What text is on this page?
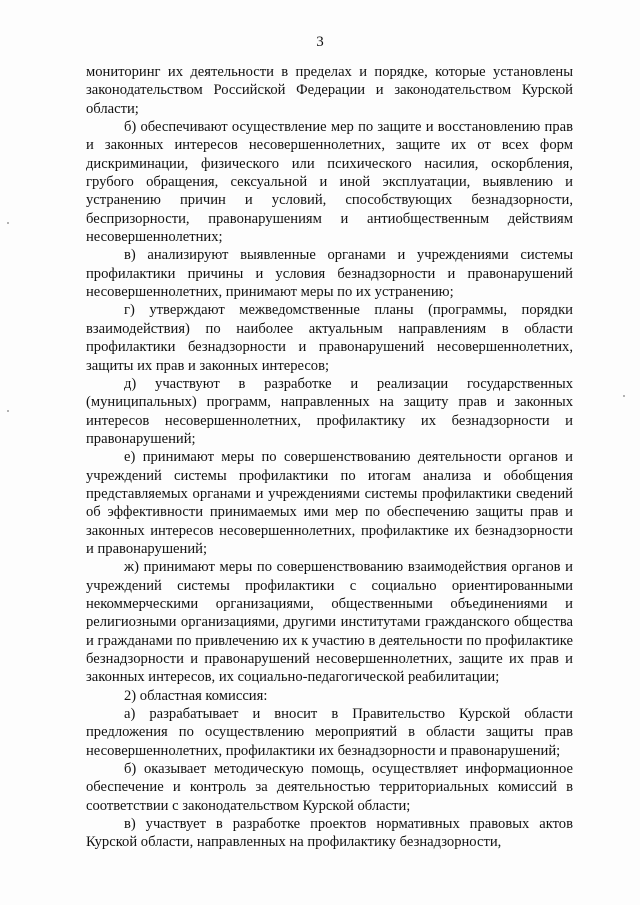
3

мониторинг их деятельности в пределах и порядке, которые установлены законодательством Российской Федерации и законодательством Курской области;

б) обеспечивают осуществление мер по защите и восстановлению прав и законных интересов несовершеннолетних, защите их от всех форм дискриминации, физического или психического насилия, оскорбления, грубого обращения, сексуальной и иной эксплуатации, выявлению и устранению причин и условий, способствующих безнадзорности, беспризорности, правонарушениям и антиобщественным действиям несовершеннолетних;

в) анализируют выявленные органами и учреждениями системы профилактики причины и условия безнадзорности и правонарушений несовершеннолетних, принимают меры по их устранению;

г) утверждают межведомственные планы (программы, порядки взаимодействия) по наиболее актуальным направлениям в области профилактики безнадзорности и правонарушений несовершеннолетних, защиты их прав и законных интересов;

д) участвуют в разработке и реализации государственных (муниципальных) программ, направленных на защиту прав и законных интересов несовершеннолетних, профилактику их безнадзорности и правонарушений;

е) принимают меры по совершенствованию деятельности органов и учреждений системы профилактики по итогам анализа и обобщения представляемых органами и учреждениями системы профилактики сведений об эффективности принимаемых ими мер по обеспечению защиты прав и законных интересов несовершеннолетних, профилактике их безнадзорности и правонарушений;

ж) принимают меры по совершенствованию взаимодействия органов и учреждений системы профилактики с социально ориентированными некоммерческими организациями, общественными объединениями и религиозными организациями, другими институтами гражданского общества и гражданами по привлечению их к участию в деятельности по профилактике безнадзорности и правонарушений несовершеннолетних, защите их прав и законных интересов, их социально-педагогической реабилитации;

2) областная комиссия:

а) разрабатывает и вносит в Правительство Курской области предложения по осуществлению мероприятий в области защиты прав несовершеннолетних, профилактики их безнадзорности и правонарушений;

б) оказывает методическую помощь, осуществляет информационное обеспечение и контроль за деятельностью территориальных комиссий в соответствии с законодательством Курской области;

в) участвует в разработке проектов нормативных правовых актов Курской области, направленных на профилактику безнадзорности,
